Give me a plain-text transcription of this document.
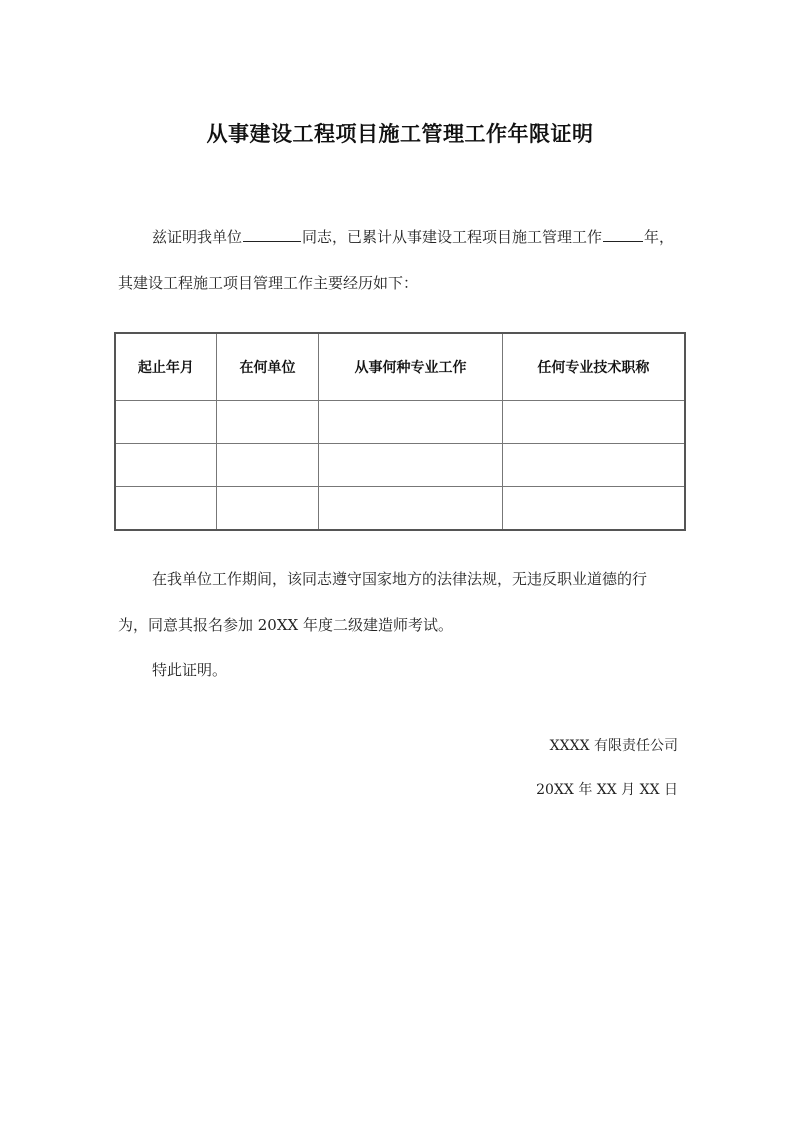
从事建设工程项目施工管理工作年限证明
兹证明我单位	同志，已累计从事建设工程项目施工管理工作	年，
其建设工程施工项目管理工作主要经历如下：
起止年月	在何单位	从事何种专业工作	任何专业技术职称

在我单位工作期间，该同志遵守国家地方的法律法规，无违反职业道德的行
为，同意其报名参加 20XX 年度二级建造师考试。
特此证明。
XXXX 有限责任公司
20XX 年 XX 月 XX 日
